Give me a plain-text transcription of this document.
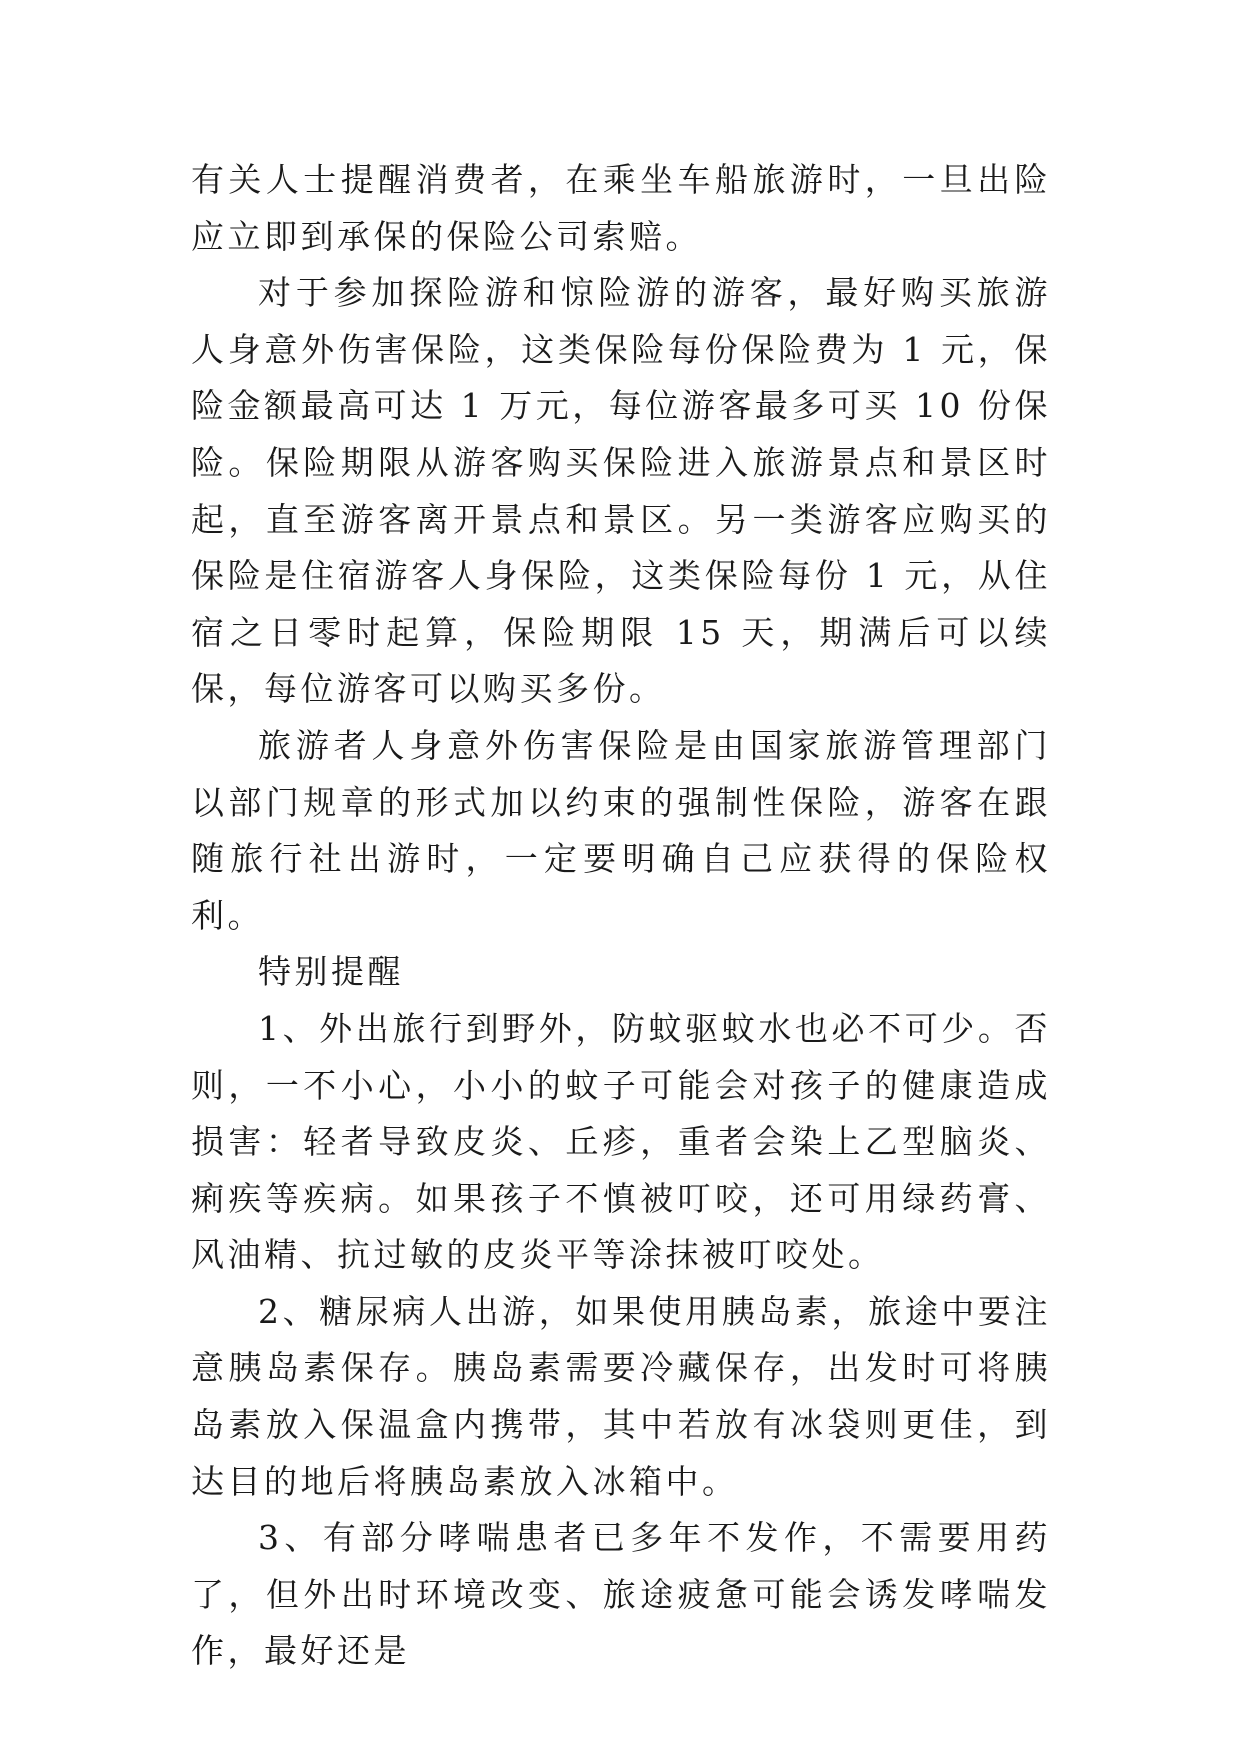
有关人士提醒消费者，在乘坐车船旅游时，一旦出险应立即到承保的保险公司索赔。

对于参加探险游和惊险游的游客，最好购买旅游人身意外伤害保险，这类保险每份保险费为 1 元，保险金额最高可达 1 万元，每位游客最多可买 10 份保险。保险期限从游客购买保险进入旅游景点和景区时起，直至游客离开景点和景区。另一类游客应购买的保险是住宿游客人身保险，这类保险每份 1 元，从住宿之日零时起算，保险期限 15 天，期满后可以续保，每位游客可以购买多份。

旅游者人身意外伤害保险是由国家旅游管理部门以部门规章的形式加以约束的强制性保险，游客在跟随旅行社出游时，一定要明确自己应获得的保险权利。

特别提醒

1、外出旅行到野外，防蚊驱蚊水也必不可少。否则，一不小心，小小的蚊子可能会对孩子的健康造成损害：轻者导致皮炎、丘疹，重者会染上乙型脑炎、痢疾等疾病。如果孩子不慎被叮咬，还可用绿药膏、风油精、抗过敏的皮炎平等涂抹被叮咬处。

2、糖尿病人出游，如果使用胰岛素，旅途中要注意胰岛素保存。胰岛素需要冷藏保存，出发时可将胰岛素放入保温盒内携带，其中若放有冰袋则更佳，到达目的地后将胰岛素放入冰箱中。

3、有部分哮喘患者已多年不发作，不需要用药了，但外出时环境改变、旅途疲惫可能会诱发哮喘发作，最好还是
